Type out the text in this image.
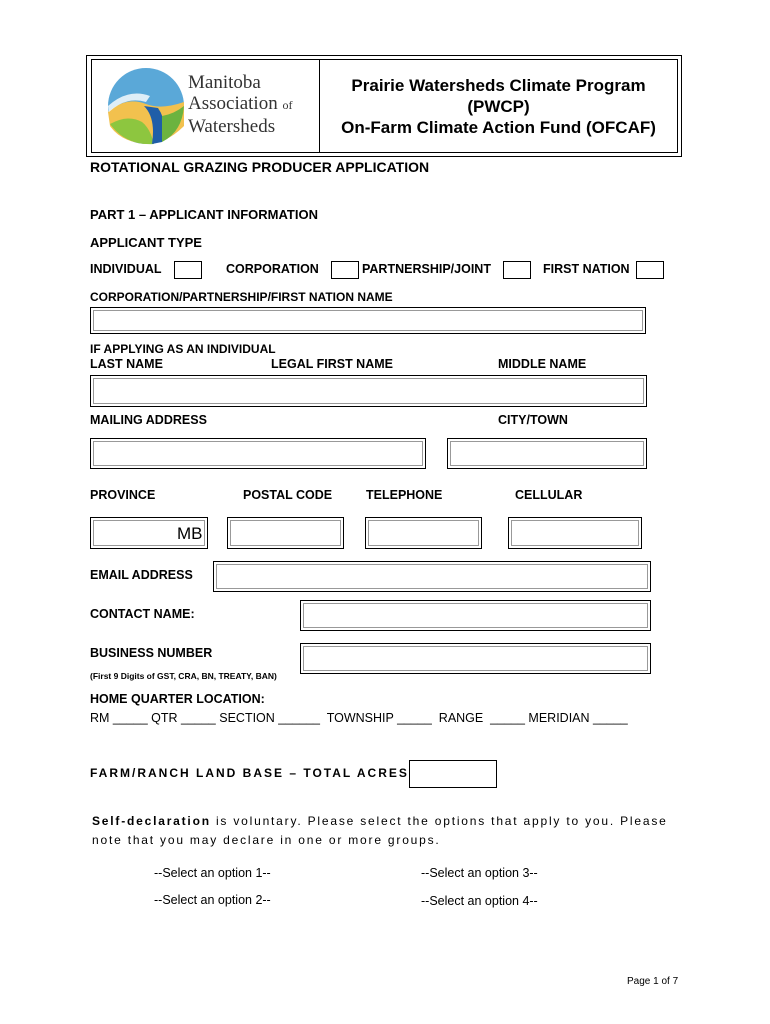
Manitoba
Association of
Watersheds
Prairie Watersheds Climate Program
(PWCP)
On-Farm Climate Action Fund (OFCAF)
ROTATIONAL GRAZING PRODUCER APPLICATION
PART 1 – APPLICANT INFORMATION
APPLICANT TYPE
INDIVIDUAL	CORPORATION	PARTNERSHIP/JOINT	FIRST NATION
CORPORATION/PARTNERSHIP/FIRST NATION NAME
IF APPLYING AS AN INDIVIDUAL
LAST NAME	LEGAL FIRST NAME	MIDDLE NAME
MAILING ADDRESS	CITY/TOWN
PROVINCE	POSTAL CODE	TELEPHONE	CELLULAR
MB
EMAIL ADDRESS
CONTACT NAME:
BUSINESS NUMBER
(First 9 Digits of GST, CRA, BN, TREATY, BAN)
HOME QUARTER LOCATION:
RM _____ QTR _____ SECTION ______  TOWNSHIP _____  RANGE  _____ MERIDIAN _____
FARM/RANCH LAND BASE – TOTAL ACRES
Self-declaration is voluntary. Please select the options that apply to you. Please
note that you may declare in one or more groups.
--Select an option 1--	--Select an option 3--
--Select an option 2--	--Select an option 4--
Page 1 of 7
